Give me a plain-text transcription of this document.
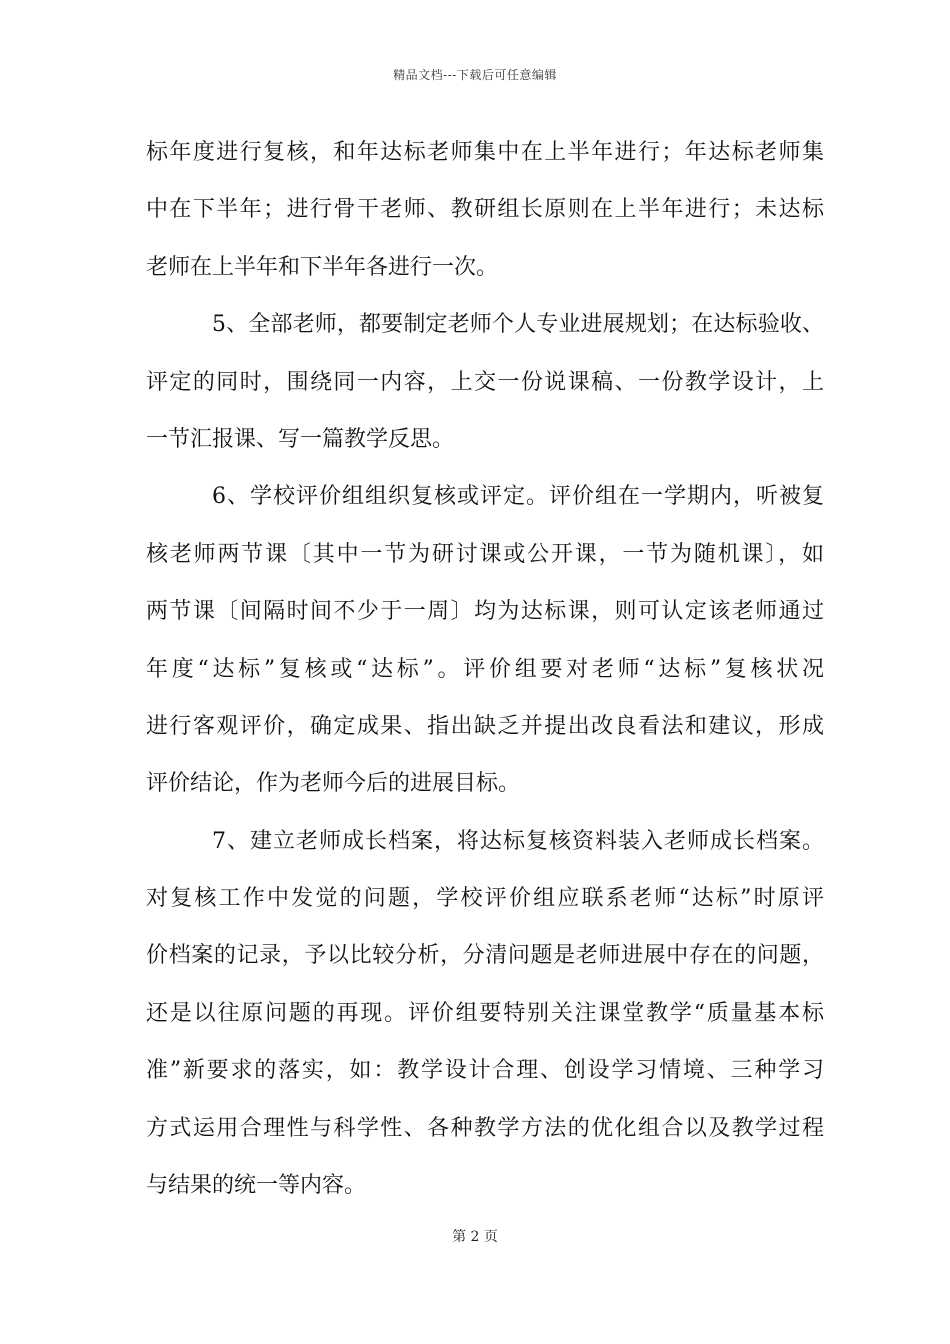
精品文档---下载后可任意编辑
标年度进行复核，和年达标老师集中在上半年进行；年达标老师集
中在下半年；进行骨干老师、教研组长原则在上半年进行；未达标
老师在上半年和下半年各进行一次。
5、全部老师，都要制定老师个人专业进展规划；在达标验收、
评定的同时，围绕同一内容，上交一份说课稿、一份教学设计，上
一节汇报课、写一篇教学反思。
6、学校评价组组织复核或评定。评价组在一学期内，听被复
核老师两节课〔其中一节为研讨课或公开课，一节为随机课〕，如
两节课〔间隔时间不少于一周〕均为达标课，则可认定该老师通过
年度“达标”复核或“达标”。评价组要对老师“达标”复核状况
进行客观评价，确定成果、指出缺乏并提出改良看法和建议，形成
评价结论，作为老师今后的进展目标。
7、建立老师成长档案，将达标复核资料装入老师成长档案。
对复核工作中发觉的问题，学校评价组应联系老师“达标”时原评
价档案的记录，予以比较分析，分清问题是老师进展中存在的问题，
还是以往原问题的再现。评价组要特别关注课堂教学“质量基本标
准”新要求的落实，如：教学设计合理、创设学习情境、三种学习
方式运用合理性与科学性、各种教学方法的优化组合以及教学过程
与结果的统一等内容。
第 2 页
